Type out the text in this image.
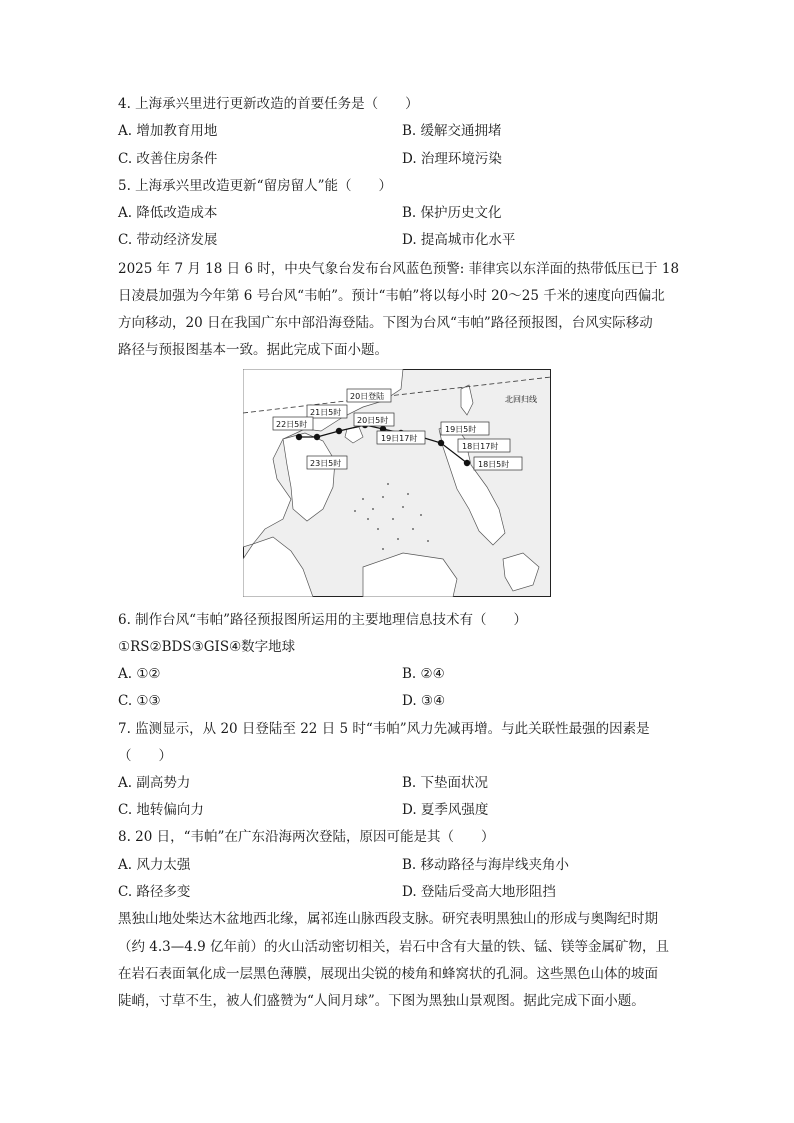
4. 上海承兴里进行更新改造的首要任务是（　　）
A. 增加教育用地	B. 缓解交通拥堵
C. 改善住房条件	D. 治理环境污染
5. 上海承兴里改造更新“留房留人”能（　　）
A. 降低改造成本	B. 保护历史文化
C. 带动经济发展	D. 提高城市化水平
2025 年 7 月 18 日 6 时，中央气象台发布台风蓝色预警: 菲律宾以东洋面的热带低压已于 18
日凌晨加强为今年第 6 号台风“韦帕”。预计“韦帕”将以每小时 20～25 千米的速度向西偏北
方向移动，20 日在我国广东中部沿海登陆。下图为台风“韦帕”路径预报图，台风实际移动
路径与预报图基本一致。据此完成下面小题。
北回归线
18日5时
18日17时
19日5时
19日17时
20日5时
20日登陆
21日5时
22日5时
23日5时
6. 制作台风“韦帕”路径预报图所运用的主要地理信息技术有（　　）
①RS②BDS③GIS④数字地球
A. ①②	B. ②④
C. ①③	D. ③④
7. 监测显示，从 20 日登陆至 22 日 5 时“韦帕”风力先减再增。与此关联性最强的因素是
（　　）
A. 副高势力	B. 下垫面状况
C. 地转偏向力	D. 夏季风强度
8. 20 日，“韦帕”在广东沿海两次登陆，原因可能是其（　　）
A. 风力太强	B. 移动路径与海岸线夹角小
C. 路径多变	D. 登陆后受高大地形阻挡
黑独山地处柴达木盆地西北缘，属祁连山脉西段支脉。研究表明黑独山的形成与奥陶纪时期
（约 4.3—4.9 亿年前）的火山活动密切相关，岩石中含有大量的铁、锰、镁等金属矿物，且
在岩石表面氧化成一层黑色薄膜，展现出尖锐的棱角和蜂窝状的孔洞。这些黑色山体的坡面
陡峭，寸草不生，被人们盛赞为“人间月球”。下图为黑独山景观图。据此完成下面小题。
